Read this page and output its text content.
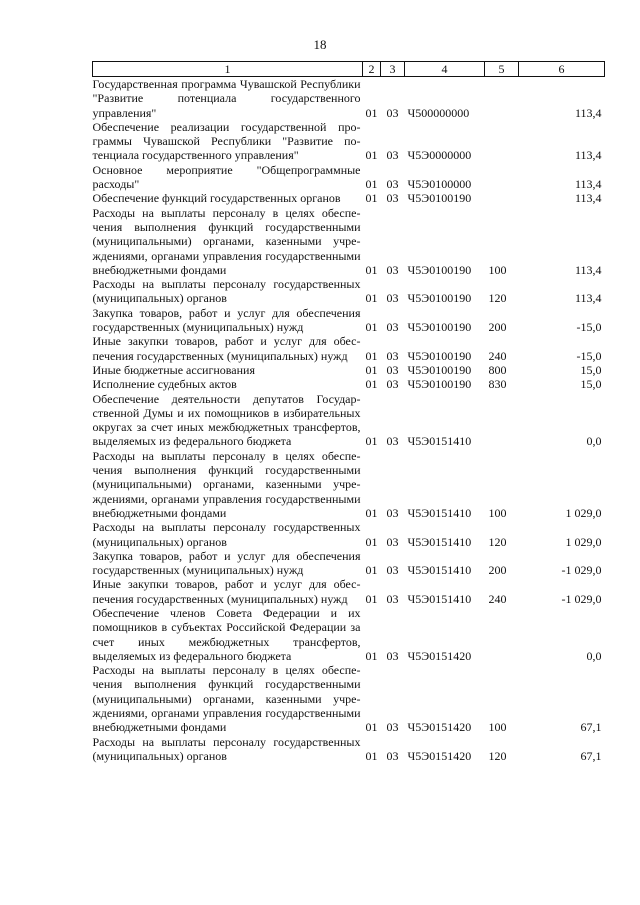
18
1	2	3	4	5	6
Государственная программа Чувашской Республики "Развитие потенциала государственного управления"	01	03	Ч500000000		113,4
Обеспечение реализации государственной программы Чувашской Республики "Развитие потенциала государственного управления"	01	03	Ч5Э0000000		113,4
Основное мероприятие "Общепрограммные расходы"	01	03	Ч5Э0100000		113,4
Обеспечение функций государственных органов	01	03	Ч5Э0100190		113,4
Расходы на выплаты персоналу в целях обеспечения выполнения функций государственными (муниципальными) органами, казенными учреждениями, органами управления государственными внебюджетными фондами	01	03	Ч5Э0100190	100	113,4
Расходы на выплаты персоналу государственных (муниципальных) органов	01	03	Ч5Э0100190	120	113,4
Закупка товаров, работ и услуг для обеспечения государственных (муниципальных) нужд	01	03	Ч5Э0100190	200	-15,0
Иные закупки товаров, работ и услуг для обеспечения государственных (муниципальных) нужд	01	03	Ч5Э0100190	240	-15,0
Иные бюджетные ассигнования	01	03	Ч5Э0100190	800	15,0
Исполнение судебных актов	01	03	Ч5Э0100190	830	15,0
Обеспечение деятельности депутатов Государственной Думы и их помощников в избирательных округах за счет иных межбюджетных трансфертов, выделяемых из федерального бюджета	01	03	Ч5Э0151410		0,0
Расходы на выплаты персоналу в целях обеспечения выполнения функций государственными (муниципальными) органами, казенными учреждениями, органами управления государственными внебюджетными фондами	01	03	Ч5Э0151410	100	1 029,0
Расходы на выплаты персоналу государственных (муниципальных) органов	01	03	Ч5Э0151410	120	1 029,0
Закупка товаров, работ и услуг для обеспечения государственных (муниципальных) нужд	01	03	Ч5Э0151410	200	-1 029,0
Иные закупки товаров, работ и услуг для обеспечения государственных (муниципальных) нужд	01	03	Ч5Э0151410	240	-1 029,0
Обеспечение членов Совета Федерации и их помощников в субъектах Российской Федерации за счет иных межбюджетных трансфертов, выделяемых из федерального бюджета	01	03	Ч5Э0151420		0,0
Расходы на выплаты персоналу в целях обеспечения выполнения функций государственными (муниципальными) органами, казенными учреждениями, органами управления государственными внебюджетными фондами	01	03	Ч5Э0151420	100	67,1
Расходы на выплаты персоналу государственных (муниципальных) органов	01	03	Ч5Э0151420	120	67,1
